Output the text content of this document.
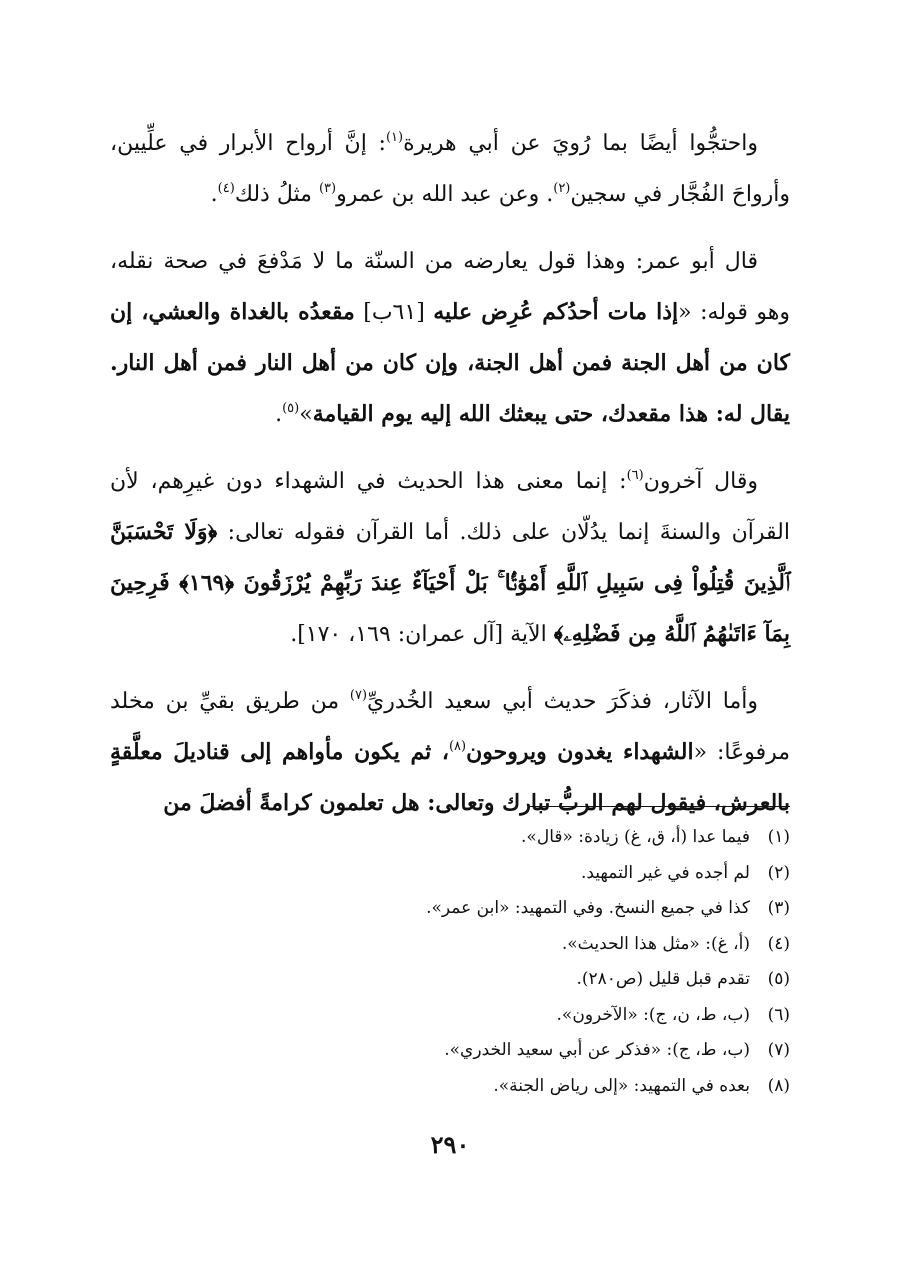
واحتجُّوا أيضًا بما رُويَ عن أبي هريرة$^{(١)}$: إنَّ أرواح الأبرار في علِّيين، وأرواحَ الفُجَّار في سجين$^{(٢)}$. وعن عبد الله بن عمرو$^{(٣)}$ مثلُ ذلك$^{(٤)}$.

قال أبو عمر: وهذا قول يعارضه من السنّة ما لا مَدْفعَ في صحة نقله، وهو قوله: «إذا مات أحدُكم عُرِض عليه [٦١ب] مقعدُه بالغداة والعشي، إن كان من أهل الجنة فمن أهل الجنة، وإن كان من أهل النار فمن أهل النار. يقال له: هذا مقعدك، حتى يبعثك الله إليه يوم القيامة»$^{(٥)}$.

وقال آخرون$^{(٦)}$: إنما معنى هذا الحديث في الشهداء دون غيرِهم، لأن القرآن والسنةَ إنما يدُلّان على ذلك. أما القرآن فقوله تعالى: ﴿وَلَا تَحْسَبَنَّ ٱلَّذِينَ قُتِلُواْ فِى سَبِيلِ ٱللَّهِ أَمْوَٰتًۢا ۚ بَلْ أَحْيَآءٌ عِندَ رَبِّهِمْ يُرْزَقُونَ ﴿١٦٩﴾ فَرِحِينَ بِمَآ ءَاتَىٰهُمُ ٱللَّهُ مِن فَضْلِهِۦ﴾ الآية [آل عمران: ١٦٩، ١٧٠].

وأما الآثار، فذكَرَ حديث أبي سعيد الخُدريِّ$^{(٧)}$ من طريق بقيِّ بن مخلد مرفوعًا: «الشهداء يغدون ويروحون$^{(٨)}$، ثم يكون مأواهم إلى قناديلَ معلَّقةٍ بالعرش، فيقول لهم الربُّ تبارك وتعالى: هل تعلمون كرامةً أفضلَ من

(١)فيما عدا (أ، ق، غ) زيادة: «قال».
(٢)لم أجده في غير التمهيد.
(٣)كذا في جميع النسخ. وفي التمهيد: «ابن عمر».
(٤)(أ، غ): «مثل هذا الحديث».
(٥)تقدم قبل قليل (ص٢٨٠).
(٦)(ب، ط، ن، ج): «الآخرون».
(٧)(ب، ط، ج): «فذكر عن أبي سعيد الخدري».
(٨)بعده في التمهيد: «إلى رياض الجنة».
٢٩٠
